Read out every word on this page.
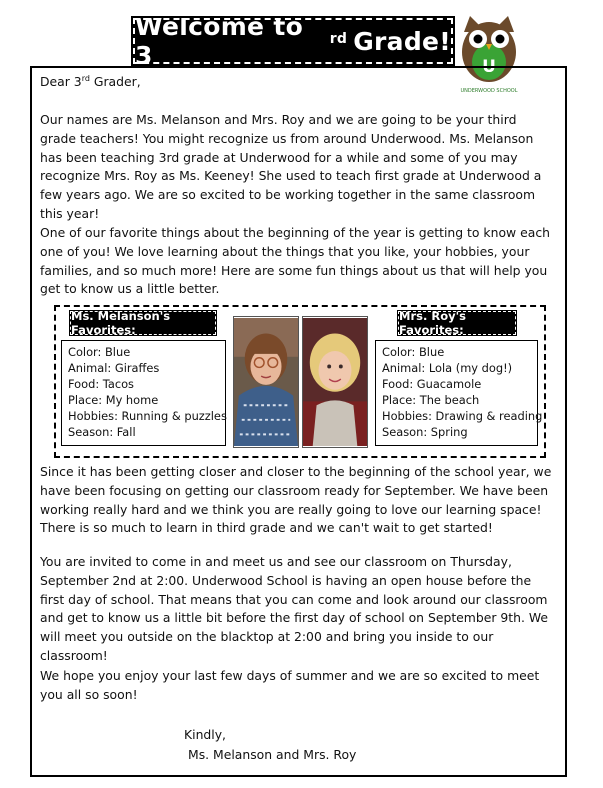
Welcome to 3
$^{rd}$ Grade!
U
UNDERWOOD SCHOOL
Dear 3rd Grader,
Our names are Ms. Melanson and Mrs. Roy and we are going to be your third grade teachers! You might recognize us from around Underwood. Ms. Melanson has been teaching 3rd grade at Underwood for a while and some of you may recognize Mrs. Roy as Ms. Keeney! She used to teach first grade at Underwood a few years ago. We are so excited to be working together in the same classroom this year!
One of our favorite things about the beginning of the year is getting to know each one of you! We love learning about the things that you like, your hobbies, your families, and so much more! Here are some fun things about us that will help you get to know us a little better.
Ms. Melanson's Favorites:
Color: Blue
Animal: Giraffes
Food: Tacos
Place: My home
Hobbies: Running & puzzles
Season: Fall
Mrs. Roy's Favorites:
Color: Blue
Animal: Lola (my dog!)
Food: Guacamole
Place: The beach
Hobbies: Drawing & reading
Season: Spring
Since it has been getting closer and closer to the beginning of the school year, we have been focusing on getting our classroom ready for September. We have been working really hard and we think you are really going to love our learning space! There is so much to learn in third grade and we can't wait to get started!
You are invited to come in and meet us and see our classroom on Thursday, September 2nd at 2:00. Underwood School is having an open house before the first day of school. That means that you can come and look around our classroom and get to know us a little bit before the first day of school on September 9th. We will meet you outside on the blacktop at 2:00 and bring you inside to our classroom!
We hope you enjoy your last few days of summer and we are so excited to meet you all so soon!
Kindly,
Ms. Melanson and Mrs. Roy
